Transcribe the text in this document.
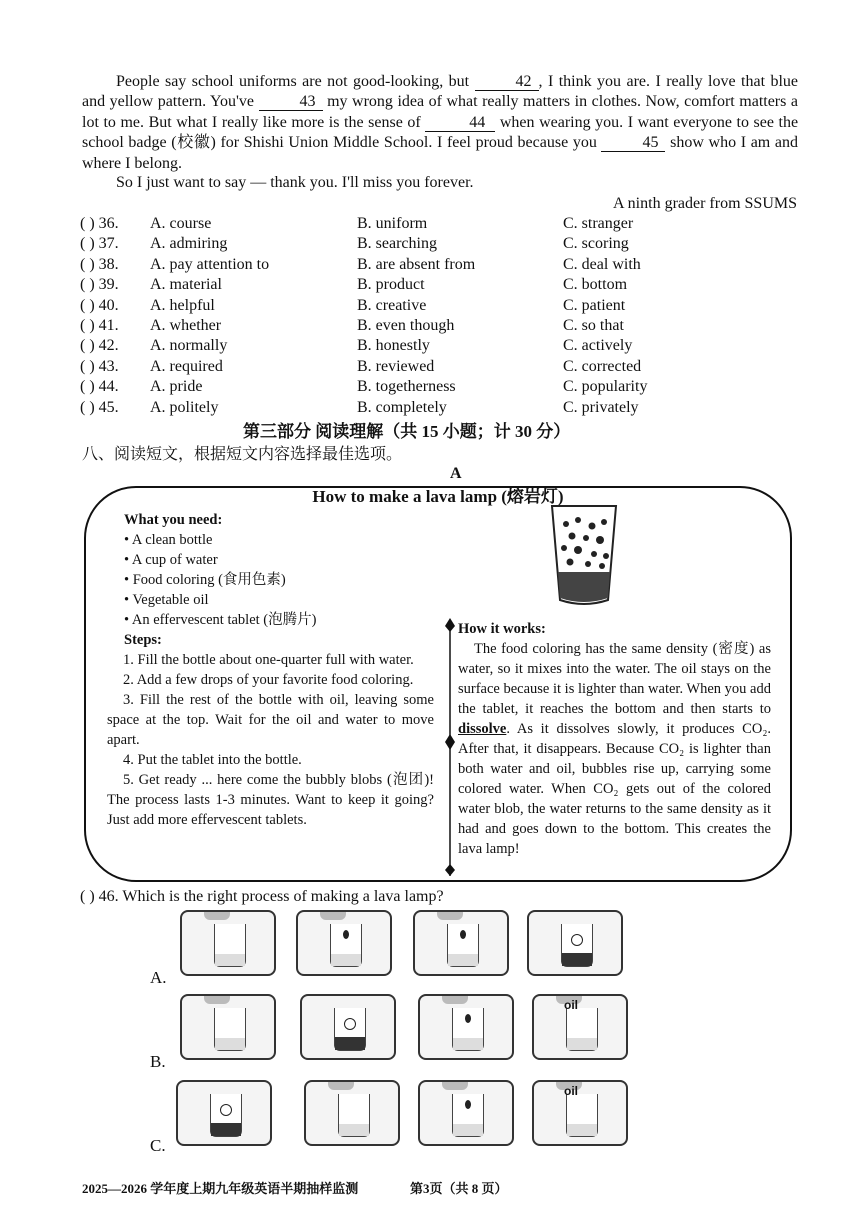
People say school uniforms are not good-looking, but	42 , I think you are. I really love that blue and yellow pattern. You've	43 my wrong idea of what really matters in clothes. Now, comfort matters a lot to me. But what I really like more is the sense of	44 when wearing you. I want everyone to see the school badge (校徽) for Shishi Union Middle School. I feel proud because you	45 show who I am and where I belong.
So I just want to say — thank you. I'll miss you forever.
A ninth grader from SSUMS
( ) 36. A. course	B. uniform	C. stranger
( ) 37. A. admiring	B. searching	C. scoring
( ) 38. A. pay attention to	B. are absent from	C. deal with
( ) 39. A. material	B. product	C. bottom
( ) 40. A. helpful	B. creative	C. patient
( ) 41. A. whether	B. even though	C. so that
( ) 42. A. normally	B. honestly	C. actively
( ) 43. A. required	B. reviewed	C. corrected
( ) 44. A. pride	B. togetherness	C. popularity
( ) 45. A. politely	B. completely	C. privately
第三部分 阅读理解（共 15 小题；计 30 分）
八、阅读短文，根据短文内容选择最佳选项。
A
How to make a lava lamp (熔岩灯)
What you need:
• A clean bottle
• A cup of water
• Food coloring (食用色素)
• Vegetable oil
• An effervescent tablet (泡腾片)
Steps:
1. Fill the bottle about one-quarter full with water.
2. Add a few drops of your favorite food coloring.
3. Fill the rest of the bottle with oil, leaving some space at the top. Wait for the oil and water to move apart.
4. Put the tablet into the bottle.
5. Get ready ... here come the bubbly blobs (泡团)! The process lasts 1-3 minutes. Want to keep it going? Just add more effervescent tablets.
How it works:
The food coloring has the same density (密度) as water, so it mixes into the water. The oil stays on the surface because it is lighter than water. When you add the tablet, it reaches the bottom and then starts to dissolve. As it dissolves slowly, it produces CO₂. After that, it disappears. Because CO₂ is lighter than both water and oil, bubbles rise up, carrying some colored water. When CO₂ gets out of the colored water blob, the water returns to the same density as it had and goes down to the bottom. This creates the lava lamp!
( ) 46. Which is the right process of making a lava lamp?
A.
B.
oil
C.
oil
2025—2026 学年度上期九年级英语半期抽样监测	第3页（共 8 页）
